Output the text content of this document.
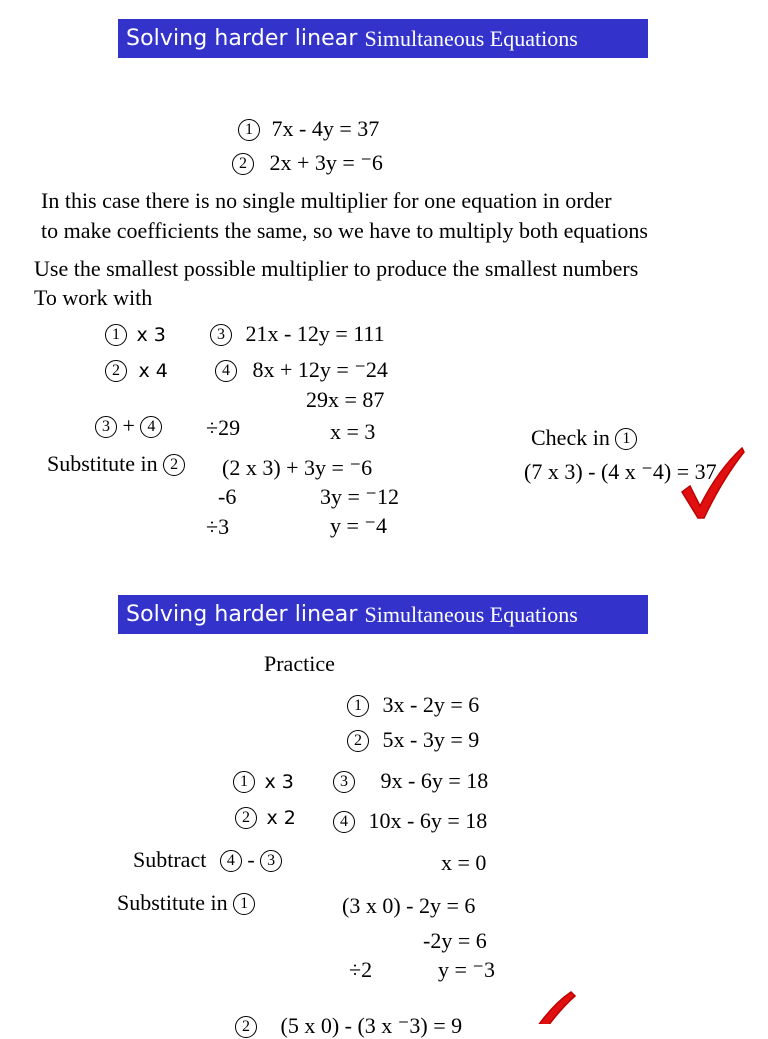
Solving harder linear Simultaneous Equations
1 7x - 4y = 37
2 2x + 3y = ⁻6
In this case there is no single multiplier for one equation in order
to make coefficients the same, so we have to multiply both equations
Use the smallest possible multiplier to produce the smallest numbers
To work with
1 x 3	3 21x - 12y = 111
2 x 4	4 8x + 12y = ⁻24
29x = 87
3 + 4	÷29	x = 3
Substitute in 2	(2 x 3) + 3y = ⁻6
-6	3y = ⁻12
÷3	y = ⁻4
Check in 1
(7 x 3) - (4 x ⁻4) = 37
Solving harder linear Simultaneous Equations
Practice
1 3x - 2y = 6
2 5x - 3y = 9
1 x 3	3 9x - 6y = 18
2 x 2	4 10x - 6y = 18
Subtract 4 - 3	x = 0
Substitute in 1	(3 x 0) - 2y = 6
-2y = 6
÷2	y = ⁻3
2 (5 x 0) - (3 x ⁻3) = 9
